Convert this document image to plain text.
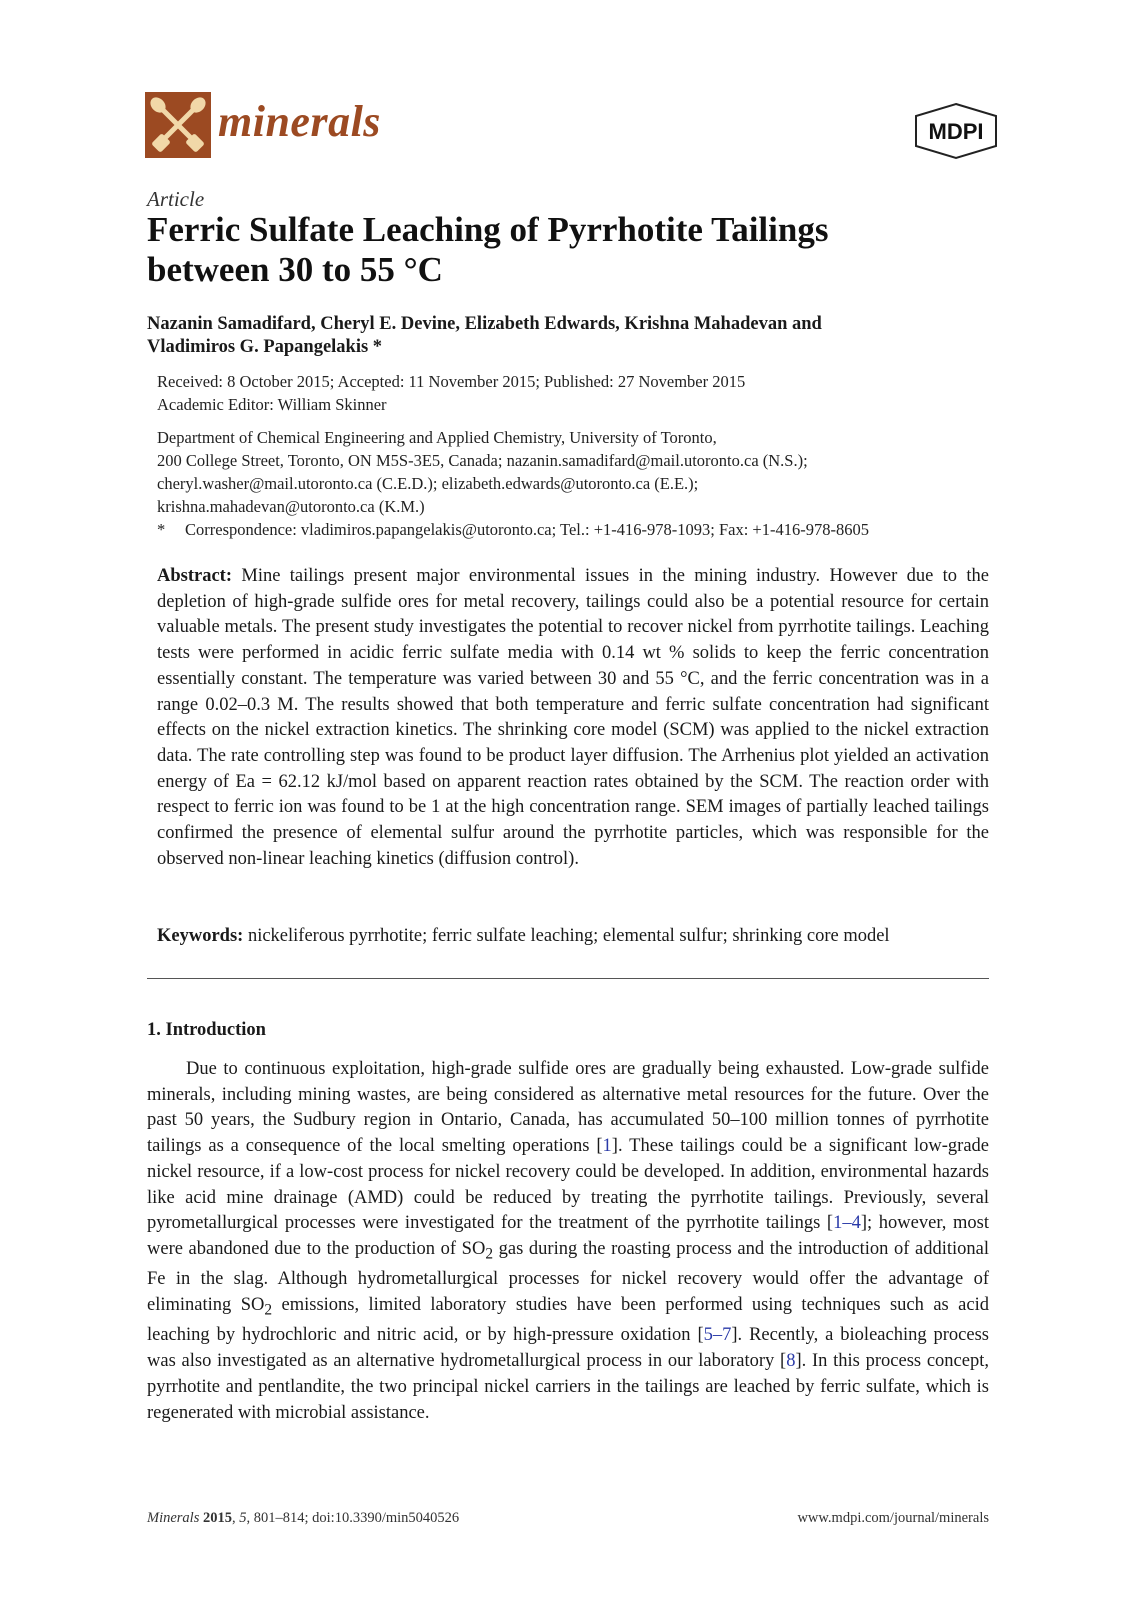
minerals	MDPI
Article
Ferric Sulfate Leaching of Pyrrhotite Tailings
between 30 to 55 °C
Nazanin Samadifard, Cheryl E. Devine, Elizabeth Edwards, Krishna Mahadevan and
Vladimiros G. Papangelakis *
Received: 8 October 2015; Accepted: 11 November 2015; Published: 27 November 2015
Academic Editor: William Skinner
Department of Chemical Engineering and Applied Chemistry, University of Toronto,
200 College Street, Toronto, ON M5S-3E5, Canada; nazanin.samadifard@mail.utoronto.ca (N.S.);
cheryl.washer@mail.utoronto.ca (C.E.D.); elizabeth.edwards@utoronto.ca (E.E.);
krishna.mahadevan@utoronto.ca (K.M.)
*	Correspondence: vladimiros.papangelakis@utoronto.ca; Tel.: +1-416-978-1093; Fax: +1-416-978-8605
Abstract: Mine tailings present major environmental issues in the mining industry. However due to the depletion of high-grade sulfide ores for metal recovery, tailings could also be a potential resource for certain valuable metals. The present study investigates the potential to recover nickel from pyrrhotite tailings. Leaching tests were performed in acidic ferric sulfate media with 0.14 wt % solids to keep the ferric concentration essentially constant. The temperature was varied between 30 and 55 °C, and the ferric concentration was in a range 0.02–0.3 M. The results showed that both temperature and ferric sulfate concentration had significant effects on the nickel extraction kinetics. The shrinking core model (SCM) was applied to the nickel extraction data. The rate controlling step was found to be product layer diffusion. The Arrhenius plot yielded an activation energy of Ea = 62.12 kJ/mol based on apparent reaction rates obtained by the SCM. The reaction order with respect to ferric ion was found to be 1 at the high concentration range. SEM images of partially leached tailings confirmed the presence of elemental sulfur around the pyrrhotite particles, which was responsible for the observed non-linear leaching kinetics (diffusion control).
Keywords: nickeliferous pyrrhotite; ferric sulfate leaching; elemental sulfur; shrinking core model
1. Introduction
Due to continuous exploitation, high-grade sulfide ores are gradually being exhausted. Low-grade sulfide minerals, including mining wastes, are being considered as alternative metal resources for the future. Over the past 50 years, the Sudbury region in Ontario, Canada, has accumulated 50–100 million tonnes of pyrrhotite tailings as a consequence of the local smelting operations [1]. These tailings could be a significant low-grade nickel resource, if a low-cost process for nickel recovery could be developed. In addition, environmental hazards like acid mine drainage (AMD) could be reduced by treating the pyrrhotite tailings. Previously, several pyrometallurgical processes were investigated for the treatment of the pyrrhotite tailings [1–4]; however, most were abandoned due to the production of $SO_2$ gas during the roasting process and the introduction of additional Fe in the slag. Although hydrometallurgical processes for nickel recovery would offer the advantage of eliminating $SO_2$ emissions, limited laboratory studies have been performed using techniques such as acid leaching by hydrochloric and nitric acid, or by high-pressure oxidation [5–7]. Recently, a bioleaching process was also investigated as an alternative hydrometallurgical process in our laboratory [8]. In this process concept, pyrrhotite and pentlandite, the two principal nickel carriers in the tailings are leached by ferric sulfate, which is regenerated with microbial assistance.
Minerals 2015, 5, 801–814; doi:10.3390/min5040526	www.mdpi.com/journal/minerals
